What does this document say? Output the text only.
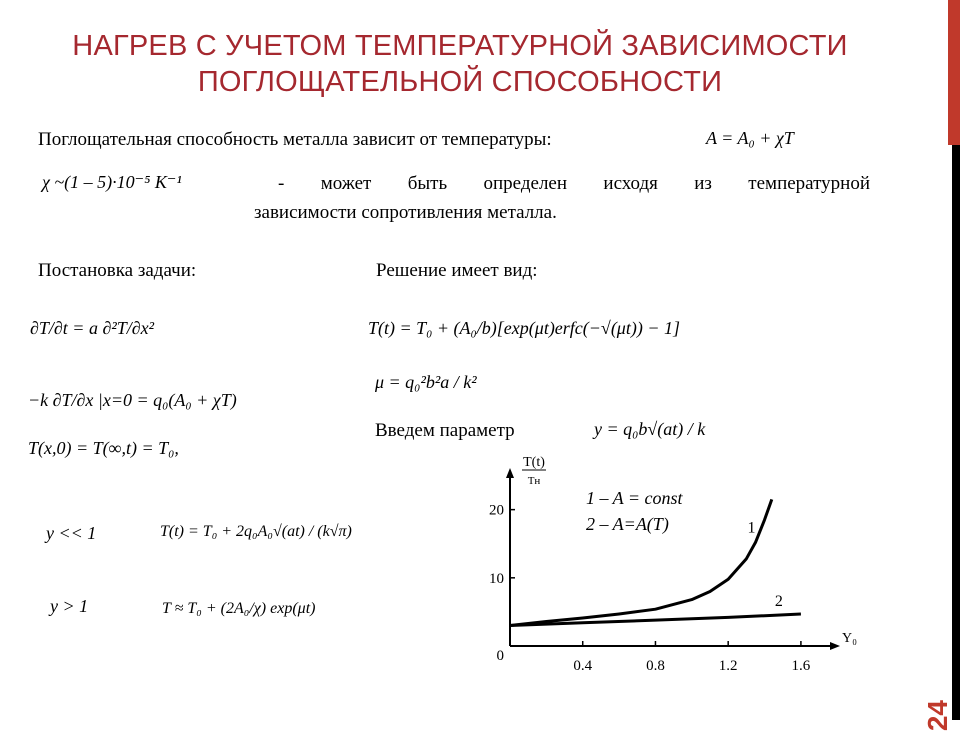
НАГРЕВ С УЧЕТОМ ТЕМПЕРАТУРНОЙ ЗАВИСИМОСТИ ПОГЛОЩАТЕЛЬНОЙ СПОСОБНОСТИ
Поглощательная способность металла зависит от температуры:	A = A₀ + χT
χ ~(1 – 5)·10⁻⁵ K⁻¹	- может быть определен исходя из температурной
зависимости сопротивления металла.
Постановка задачи:	Решение имеет вид:
∂T/∂t = a ∂²T/∂x²
−k ∂T/∂x |x=0 = q₀(A₀ + χT)
T(x,0) = T(∞,t) = T₀,
T(t) = T₀ + (A₀/b)[exp(μt)erfc(−√(μt)) − 1]
μ = q₀²b²a / k²
Введем параметр	y = q₀b√(at) / k
y << 1	T(t) = T₀ + 2q₀A₀√(at) / (k√π)
y > 1	T ≈ T₀ + (2A₀/χ) exp(μt)
0.4	0.8	1.2	1.6
0
10
20
T(t)
Tн
Y₀
1
2
1 – A = const
2 – A=A(T)
24
